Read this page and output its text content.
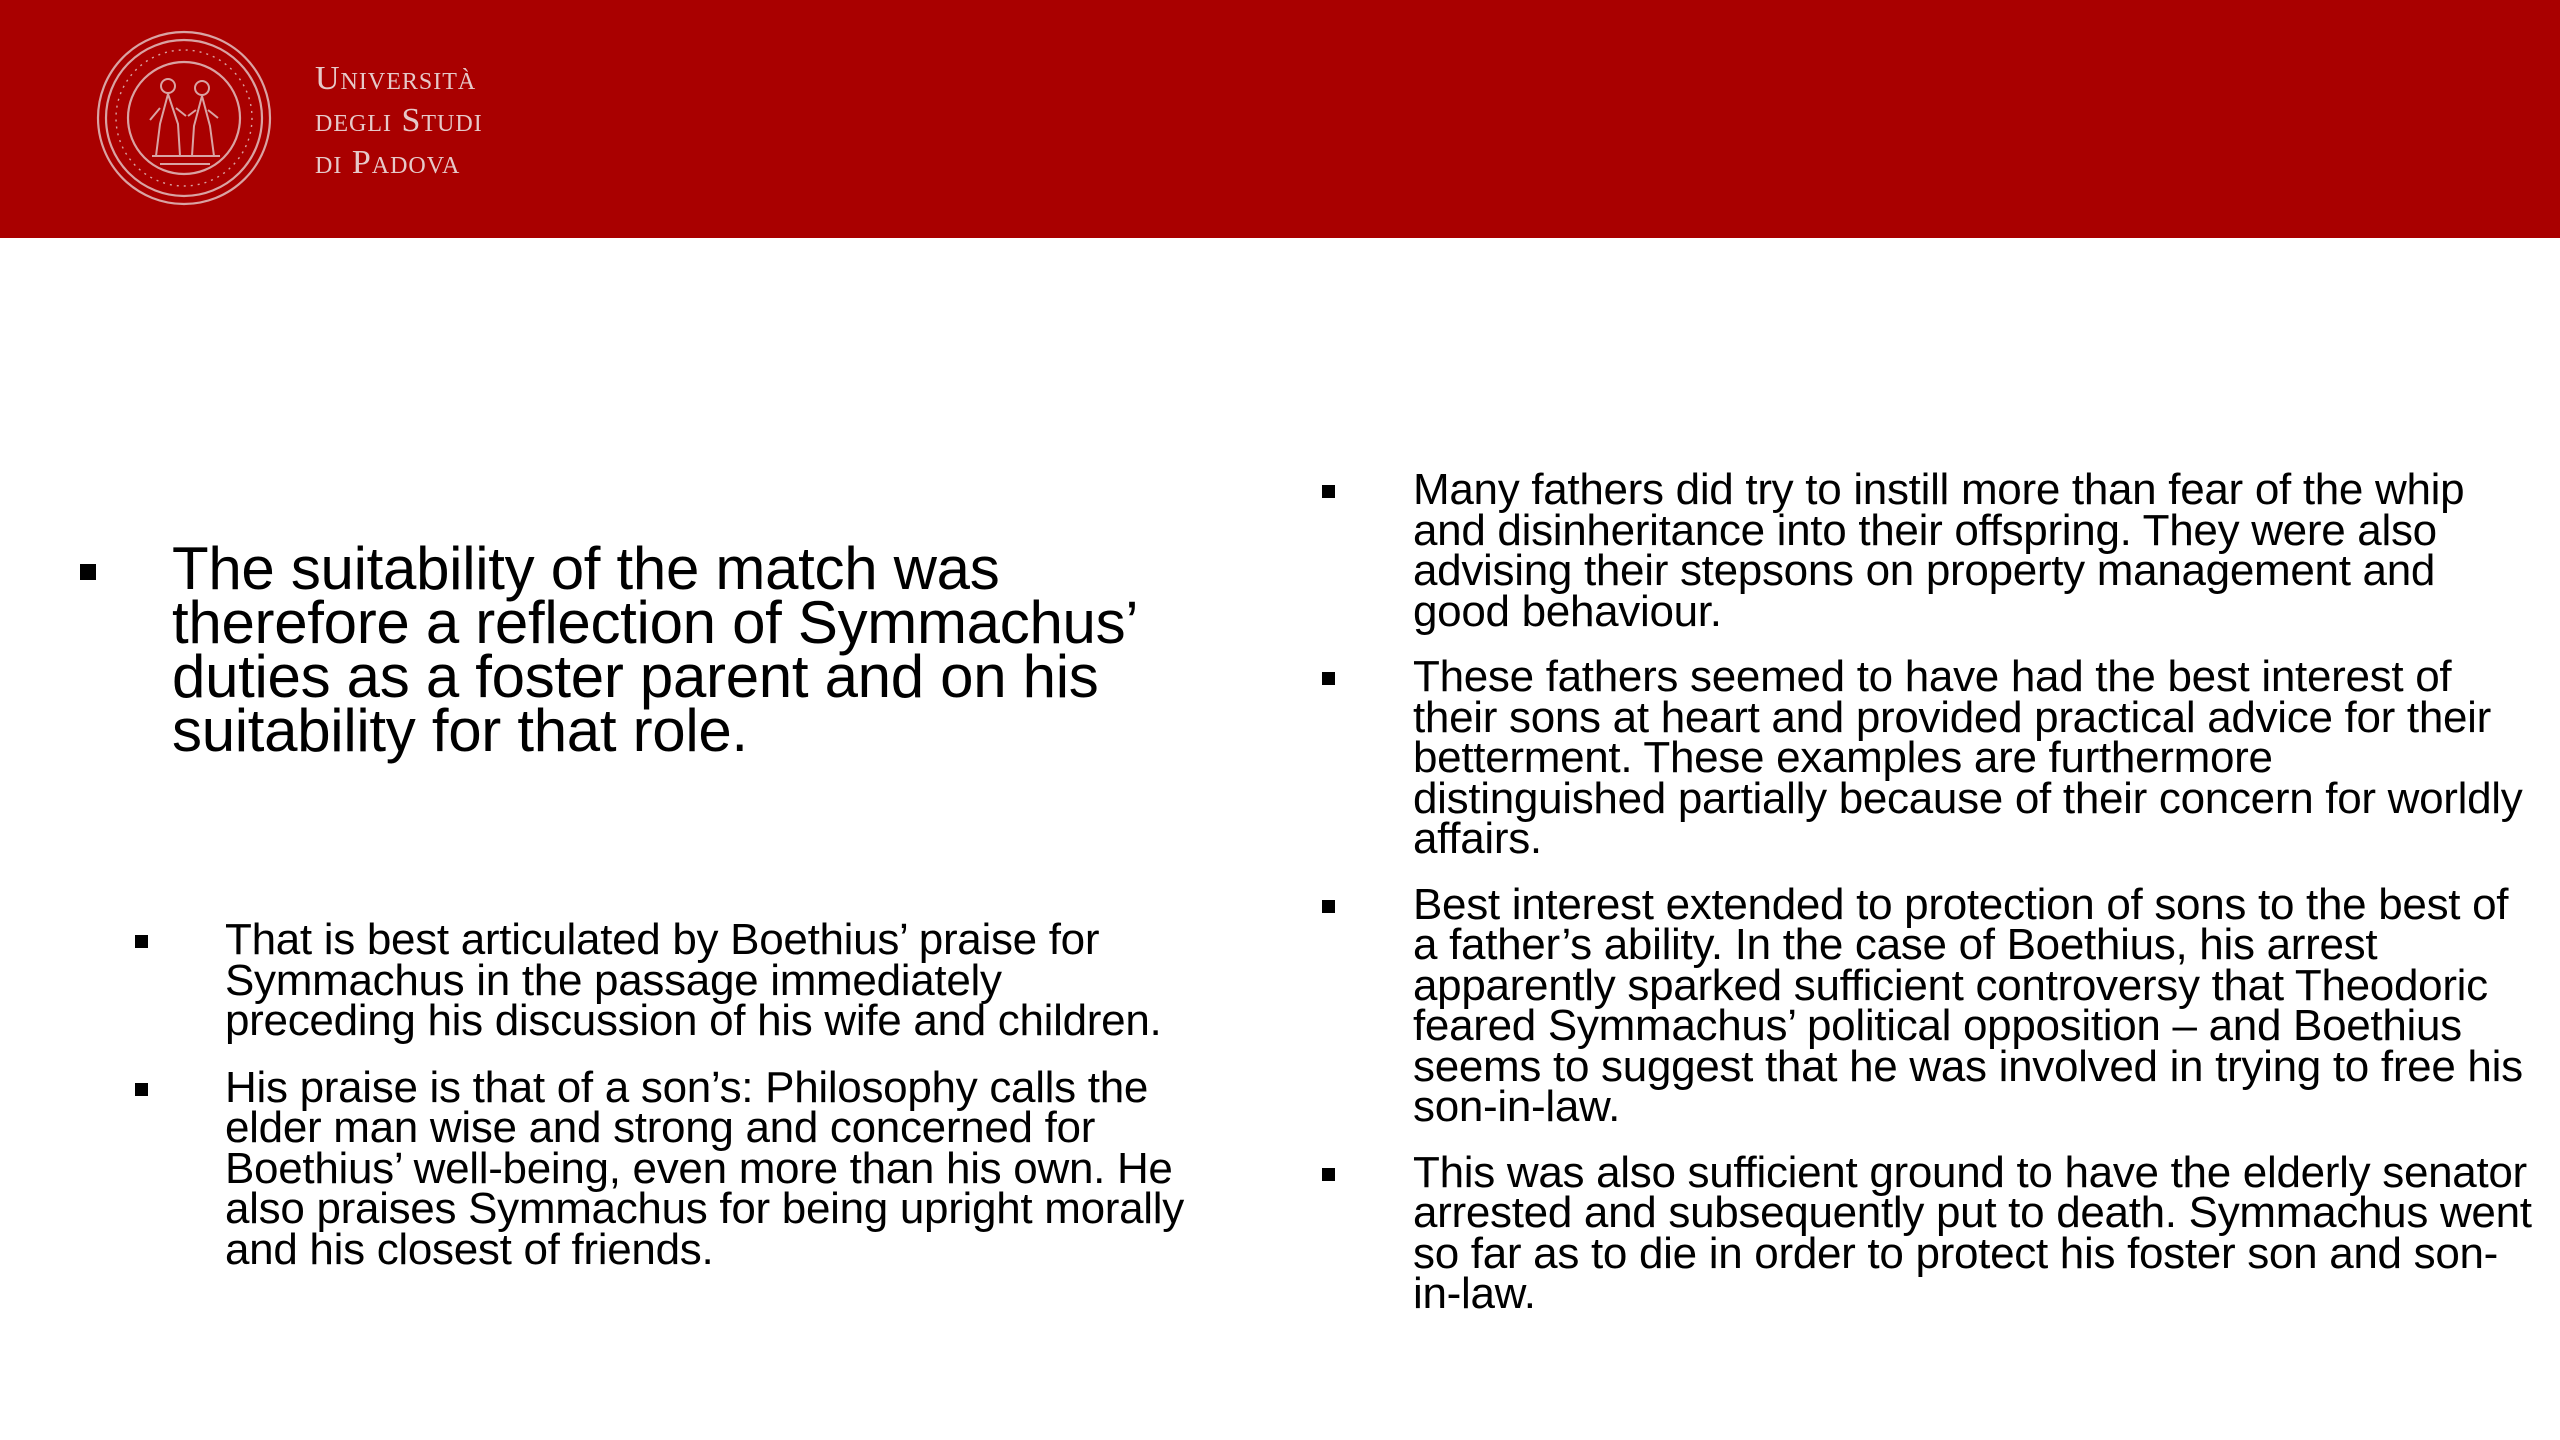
Università
degli Studi
di Padova
The suitability of the match was therefore a reflection of Symmachus’ duties as a foster parent and on his suitability for that role.
That is best articulated by Boethius’ praise for Symmachus in the passage immediately preceding his discussion of his wife and children.
His praise is that of a son’s: Philosophy calls the elder man wise and strong and concerned for Boethius’ well-being, even more than his own. He also praises Symmachus for being upright morally and his closest of friends.
Many fathers did try to instill more than fear of the whip and disinheritance into their offspring. They were also advising their stepsons on property management and good behaviour.
These fathers seemed to have had the best interest of their sons at heart and provided practical advice for their betterment. These examples are furthermore distinguished partially because of their concern for worldly affairs.
Best interest extended to protection of sons to the best of a father’s ability. In the case of Boethius, his arrest apparently sparked sufficient controversy that Theodoric feared Symmachus’ political opposition – and Boethius seems to suggest that he was involved in trying to free his son-in-law.
This was also sufficient ground to have the elderly senator arrested and subsequently put to death. Symmachus went so far as to die in order to protect his foster son and son-in-law.
